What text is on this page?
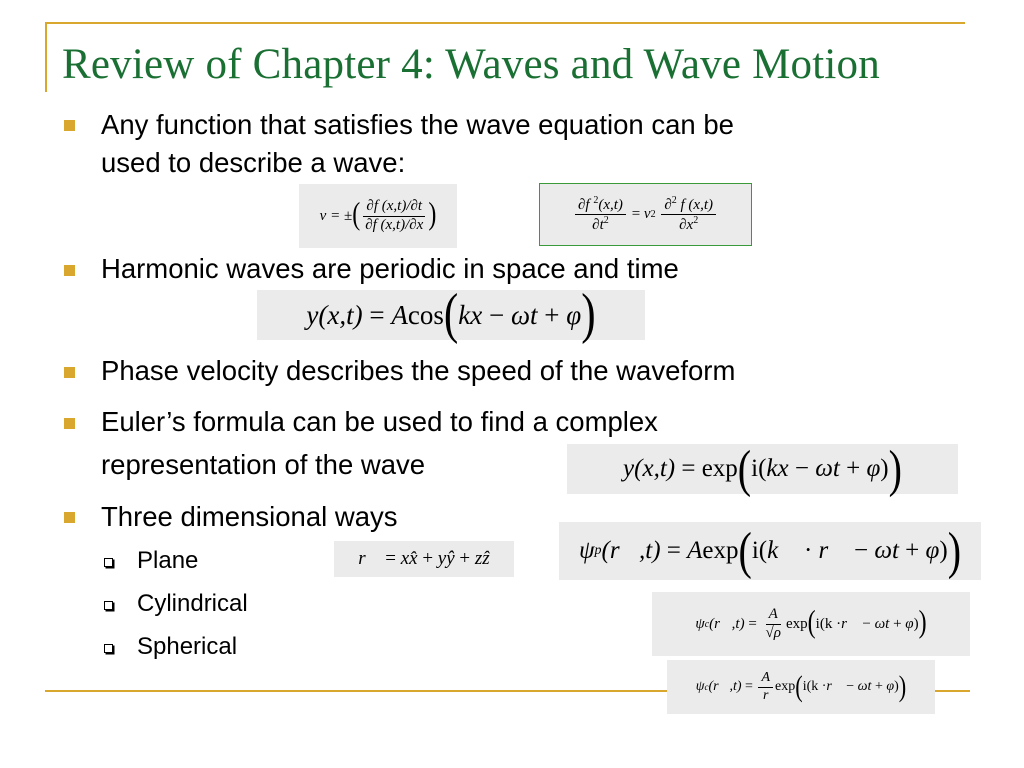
Review of Chapter 4: Waves and Wave Motion
Any function that satisfies the wave equation can be
used to describe a wave:
v = ± ( $\frac{\partial f (x,t)/\partial t}{\partial f (x,t)/\partial x}$ )	$\frac{\partial f ^2(x,t)}{\partial t^2} = v$ 2
$\frac{\partial^2 f (x,t)}{\partial x^2}$
Harmonic waves are periodic in space and time
y(x,t) = A cos ( kx − ωt + φ )
Phase velocity describes the speed of the waveform
Euler’s formula can be used to find a complex
representation of the wave	y(x,t) = exp ( i( kx − ωt + φ ) )
Three dimensional ways
Plane
Cylindrical
Spherical
r⃗ = xx̂ + yŷ + zẑ	ψ p (r⃗,t) = A exp ( i( k⃗ · r⃗ − ωt + φ ) )
ψ c (r⃗,t) = $\frac{A}{√\rho}$ exp ( i(k · r⃗ − ωt + φ ) )
ψ c (r⃗,t) = $\frac{A}{r}$ exp ( i(k · r⃗ − ωt + φ ) )
